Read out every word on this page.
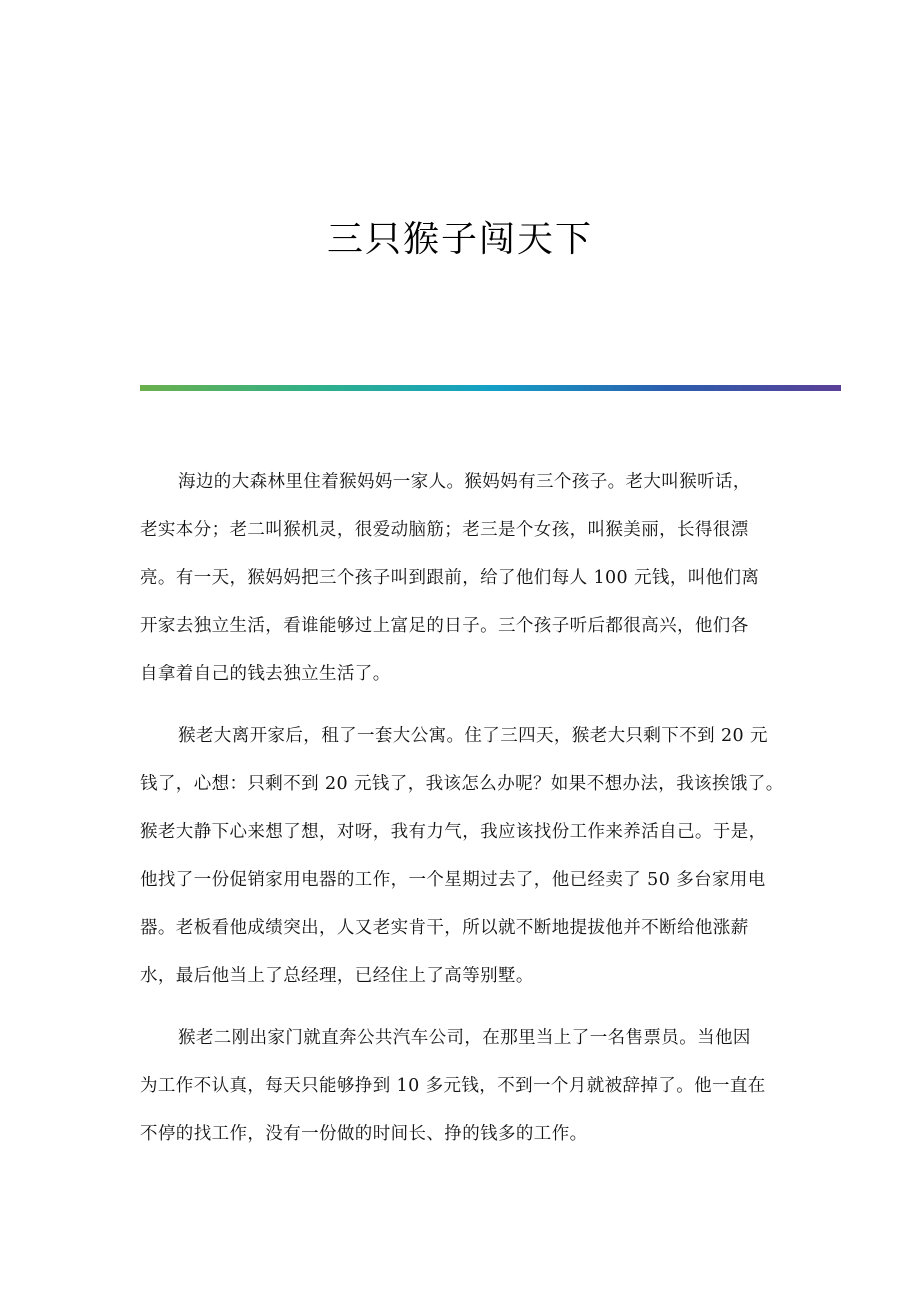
三只猴子闯天下
海边的大森林里住着猴妈妈一家人。猴妈妈有三个孩子。老大叫猴听话，
老实本分；老二叫猴机灵，很爱动脑筋；老三是个女孩，叫猴美丽，长得很漂
亮。有一天，猴妈妈把三个孩子叫到跟前，给了他们每人 100 元钱，叫他们离
开家去独立生活，看谁能够过上富足的日子。三个孩子听后都很高兴，他们各
自拿着自己的钱去独立生活了。
猴老大离开家后，租了一套大公寓。住了三四天，猴老大只剩下不到 20 元
钱了，心想：只剩不到 20 元钱了，我该怎么办呢？如果不想办法，我该挨饿了。
猴老大静下心来想了想，对呀，我有力气，我应该找份工作来养活自己。于是，
他找了一份促销家用电器的工作，一个星期过去了，他已经卖了 50 多台家用电
器。老板看他成绩突出，人又老实肯干，所以就不断地提拔他并不断给他涨薪
水，最后他当上了总经理，已经住上了高等别墅。
猴老二刚出家门就直奔公共汽车公司，在那里当上了一名售票员。当他因
为工作不认真，每天只能够挣到 10 多元钱，不到一个月就被辞掉了。他一直在
不停的找工作，没有一份做的时间长、挣的钱多的工作。
